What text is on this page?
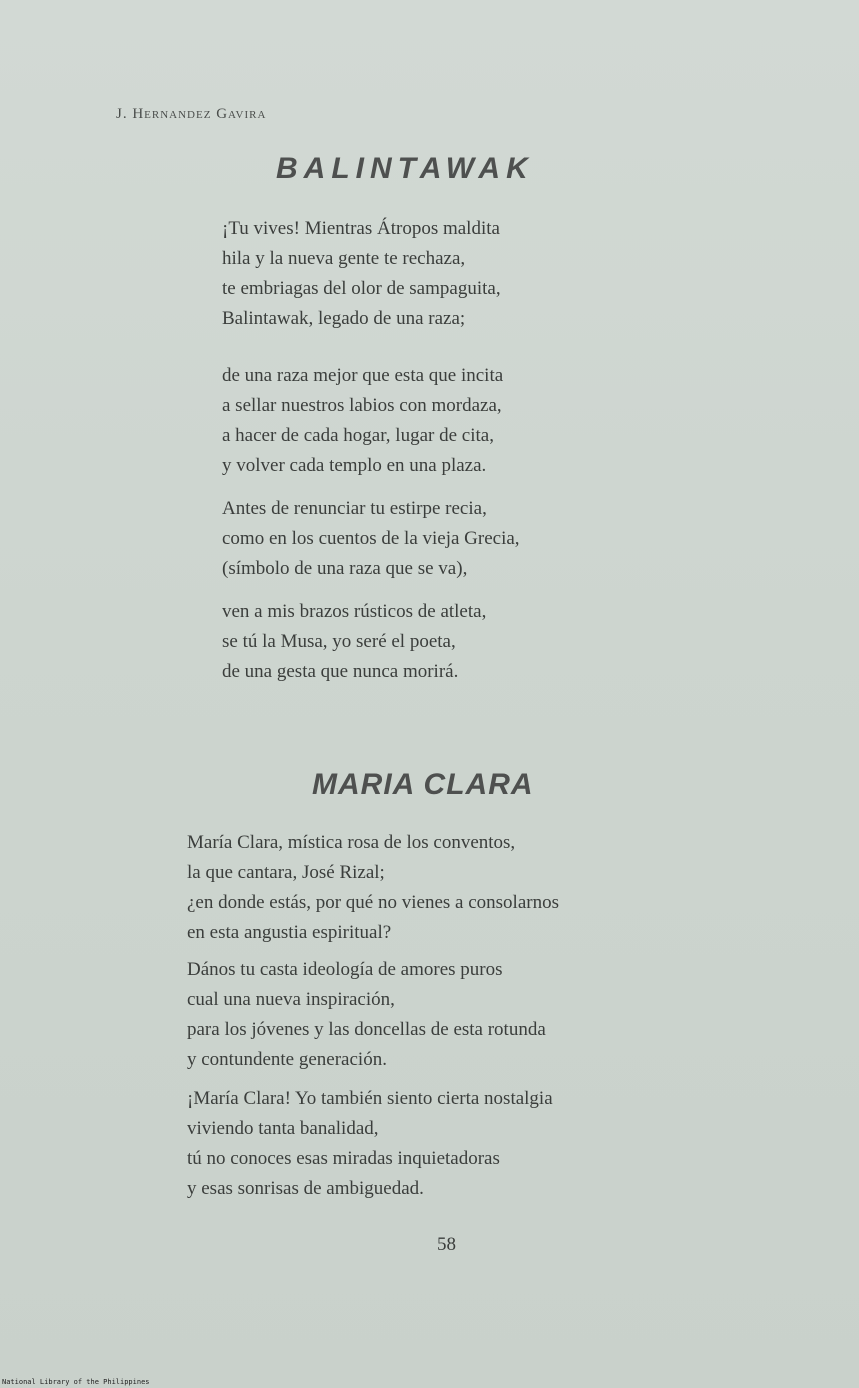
J. Hernandez Gavira
BALINTAWAK
¡Tu vives! Mientras Átropos maldita
hila y la nueva gente te rechaza,
te embriagas del olor de sampaguita,
Balintawak, legado de una raza;
de una raza mejor que esta que incita
a sellar nuestros labios con mordaza,
a hacer de cada hogar, lugar de cita,
y volver cada templo en una plaza.
Antes de renunciar tu estirpe recia,
como en los cuentos de la vieja Grecia,
(símbolo de una raza que se va),
ven a mis brazos rústicos de atleta,
se tú la Musa, yo seré el poeta,
de una gesta que nunca morirá.
MARIA CLARA
María Clara, mística rosa de los conventos,
la que cantara, José Rizal;
¿en donde estás, por qué no vienes a consolarnos
en esta angustia espiritual?
Dános tu casta ideología de amores puros
cual una nueva inspiración,
para los jóvenes y las doncellas de esta rotunda
y contundente generación.
¡María Clara! Yo también siento cierta nostalgia
viviendo tanta banalidad,
tú no conoces esas miradas inquietadoras
y esas sonrisas de ambiguedad.
58
National Library of the Philippines
